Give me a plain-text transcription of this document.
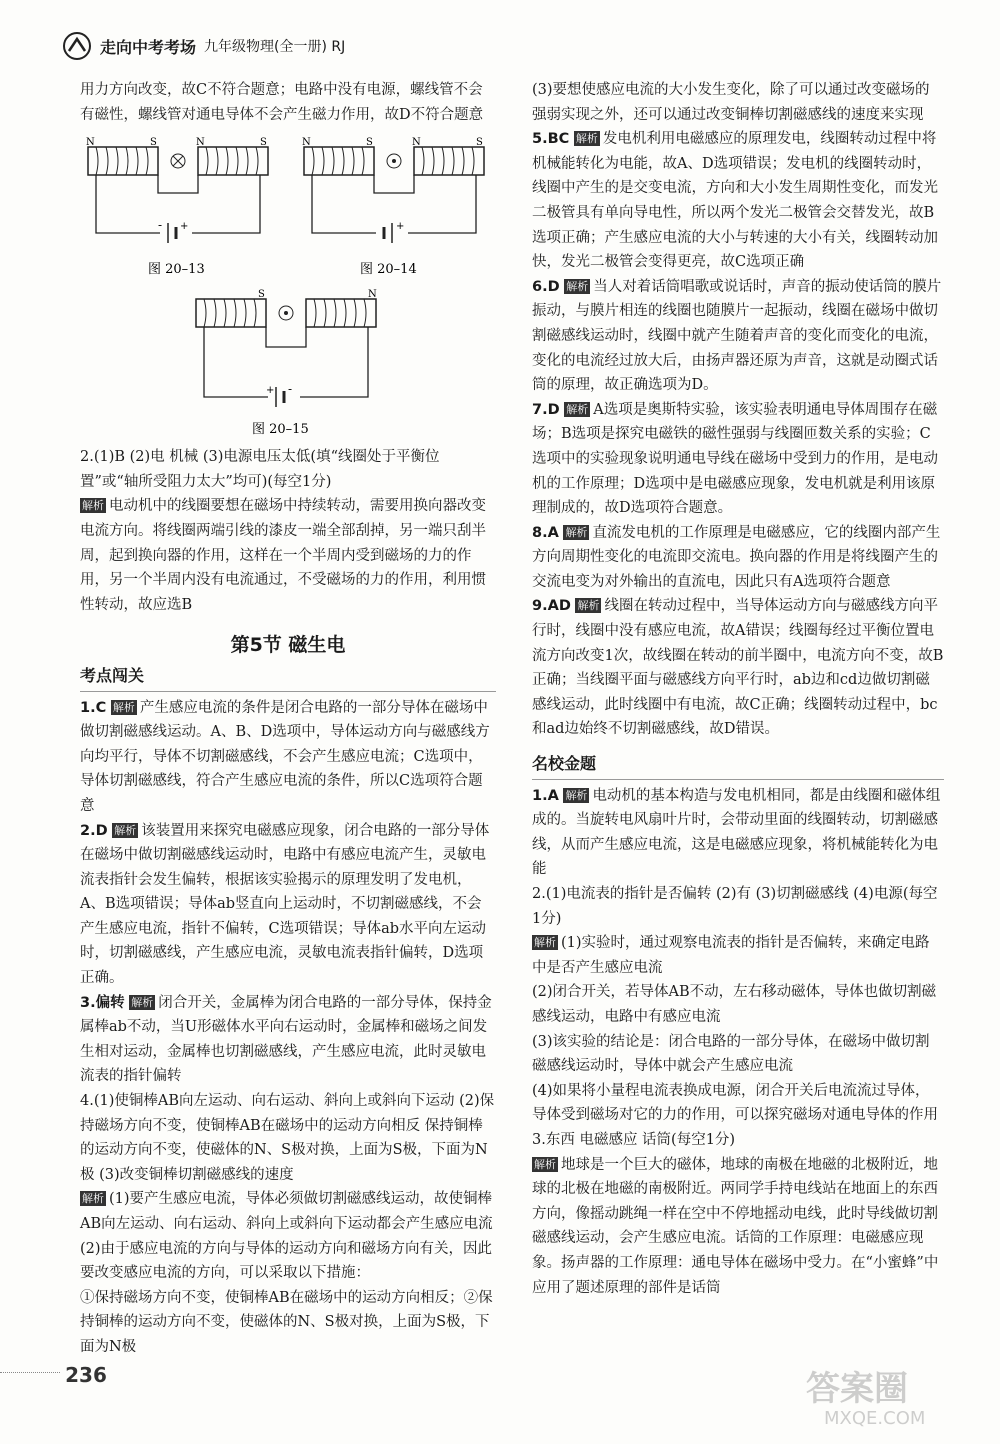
走向中考考场 九年级物理(全一册) RJ

用力方向改变，故C不符合题意；电路中没有电源，螺线管不会有磁性，螺线管对通电导体不会产生磁力作用，故D不符合题意

N	S	N	S
- +
N	S	N	S
+
图 20–13	图 20–14
+ -
S	N
图 20–15

2.(1)B (2)电 机械 (3)电源电压太低(填“线圈处于平衡位置”或“轴所受阻力太大”均可)(每空1分)

解析 电动机中的线圈要想在磁场中持续转动，需要用换向器改变电流方向。将线圈两端引线的漆皮一端全部刮掉，另一端只刮半周，起到换向器的作用，这样在一个半周内受到磁场的力的作用，另一个半周内没有电流通过，不受磁场的力的作用，利用惯性转动，故应选B

第5节 磁生电
考点闯关

1.C 解析 产生感应电流的条件是闭合电路的一部分导体在磁场中做切割磁感线运动。A、B、D选项中，导体运动方向与磁感线方向均平行，导体不切割磁感线，不会产生感应电流；C选项中，导体切割磁感线，符合产生感应电流的条件，所以C选项符合题意

2.D 解析 该装置用来探究电磁感应现象，闭合电路的一部分导体在磁场中做切割磁感线运动时，电路中有感应电流产生，灵敏电流表指针会发生偏转，根据该实验揭示的原理发明了发电机，A、B选项错误；导体ab竖直向上运动时，不切割磁感线，不会产生感应电流，指针不偏转，C选项错误；导体ab水平向左运动时，切割磁感线，产生感应电流，灵敏电流表指针偏转，D选项正确。

3.偏转 解析 闭合开关，金属棒为闭合电路的一部分导体，保持金属棒ab不动，当U形磁体水平向右运动时，金属棒和磁场之间发生相对运动，金属棒也切割磁感线，产生感应电流，此时灵敏电流表的指针偏转

4.(1)使铜棒AB向左运动、向右运动、斜向上或斜向下运动 (2)保持磁场方向不变，使铜棒AB在磁场中的运动方向相反 保持铜棒的运动方向不变，使磁体的N、S极对换，上面为S极，下面为N极 (3)改变铜棒切割磁感线的速度

解析 (1)要产生感应电流，导体必须做切割磁感线运动，故使铜棒AB向左运动、向右运动、斜向上或斜向下运动都会产生感应电流

(2)由于感应电流的方向与导体的运动方向和磁场方向有关，因此要改变感应电流的方向，可以采取以下措施：

①保持磁场方向不变，使铜棒AB在磁场中的运动方向相反；②保持铜棒的运动方向不变，使磁体的N、S极对换，上面为S极，下面为N极

(3)要想使感应电流的大小发生变化，除了可以通过改变磁场的强弱实现之外，还可以通过改变铜棒切割磁感线的速度来实现

5.BC 解析 发电机利用电磁感应的原理发电，线圈转动过程中将机械能转化为电能，故A、D选项错误；发电机的线圈转动时，线圈中产生的是交变电流，方向和大小发生周期性变化，而发光二极管具有单向导电性，所以两个发光二极管会交替发光，故B选项正确；产生感应电流的大小与转速的大小有关，线圈转动加快，发光二极管会变得更亮，故C选项正确

6.D 解析 当人对着话筒唱歌或说话时，声音的振动使话筒的膜片振动，与膜片相连的线圈也随膜片一起振动，线圈在磁场中做切割磁感线运动时，线圈中就产生随着声音的变化而变化的电流，变化的电流经过放大后，由扬声器还原为声音，这就是动圈式话筒的原理，故正确选项为D。

7.D 解析 A选项是奥斯特实验，该实验表明通电导体周围存在磁场；B选项是探究电磁铁的磁性强弱与线圈匝数关系的实验；C选项中的实验现象说明通电导线在磁场中受到力的作用，是电动机的工作原理；D选项中是电磁感应现象，发电机就是利用该原理制成的，故D选项符合题意。

8.A 解析 直流发电机的工作原理是电磁感应，它的线圈内部产生方向周期性变化的电流即交流电。换向器的作用是将线圈产生的交流电变为对外输出的直流电，因此只有A选项符合题意

9.AD 解析 线圈在转动过程中，当导体运动方向与磁感线方向平行时，线圈中没有感应电流，故A错误；线圈每经过平衡位置电流方向改变1次，故线圈在转动的前半圈中，电流方向不变，故B正确；当线圈平面与磁感线方向平行时，ab边和cd边做切割磁感线运动，此时线圈中有电流，故C正确；线圈转动过程中，bc和ad边始终不切割磁感线，故D错误。

名校金题

1.A 解析 电动机的基本构造与发电机相同，都是由线圈和磁体组成的。当旋转电风扇叶片时，会带动里面的线圈转动，切割磁感线，从而产生感应电流，这是电磁感应现象，将机械能转化为电能

2.(1)电流表的指针是否偏转 (2)有 (3)切割磁感线 (4)电源(每空1分)

解析 (1)实验时，通过观察电流表的指针是否偏转，来确定电路中是否产生感应电流

(2)闭合开关，若导体AB不动，左右移动磁体，导体也做切割磁感线运动，电路中有感应电流

(3)该实验的结论是：闭合电路的一部分导体，在磁场中做切割磁感线运动时，导体中就会产生感应电流

(4)如果将小量程电流表换成电源，闭合开关后电流流过导体，导体受到磁场对它的力的作用，可以探究磁场对通电导体的作用

3.东西 电磁感应 话筒(每空1分)

解析 地球是一个巨大的磁体，地球的南极在地磁的北极附近，地球的北极在地磁的南极附近。两同学手持电线站在地面上的东西方向，像摇动跳绳一样在空中不停地摇动电线，此时导线做切割磁感线运动，会产生感应电流。话筒的工作原理：电磁感应现象。扬声器的工作原理：通电导体在磁场中受力。在“小蜜蜂”中应用了题述原理的部件是话筒

236	答案圈
MXQE.COM
